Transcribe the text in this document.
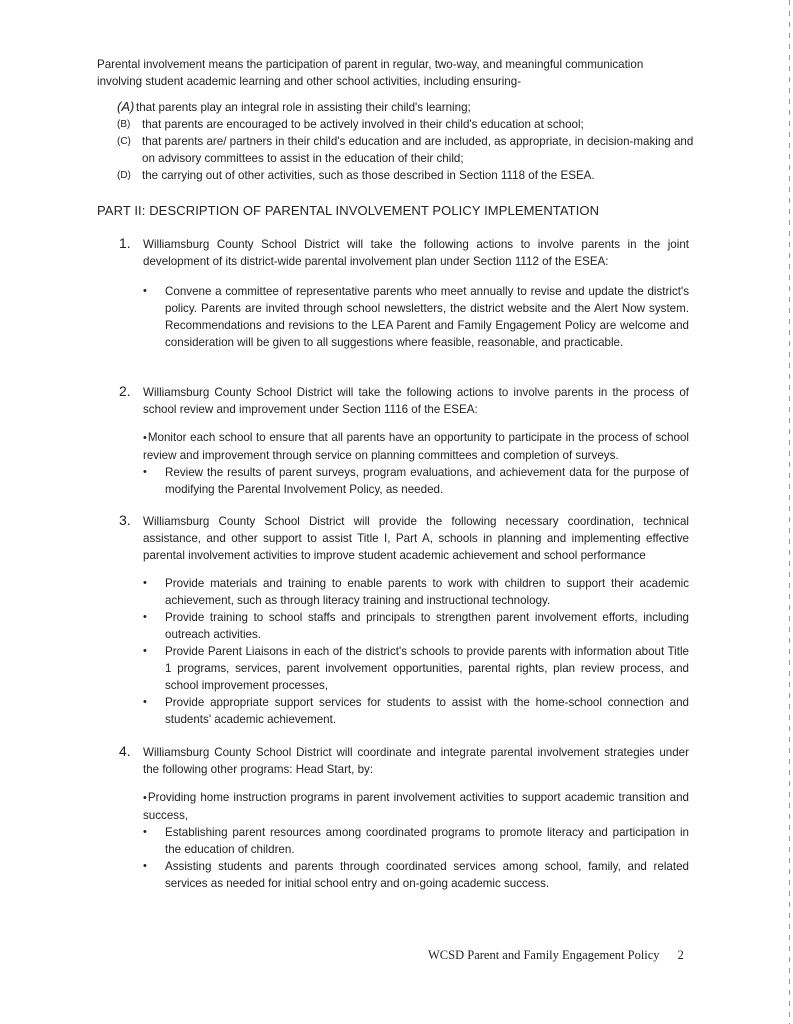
Parental involvement means the participation of parent in regular, two-way, and meaningful communication involving student academic learning and other school activities, including ensuring-

(A) that parents play an integral role in assisting their child's learning;
(B) that parents are encouraged to be actively involved in their child's education at school;
(C) that parents are/ partners in their child's education and are included, as appropriate, in decision-making and on advisory committees to assist in the education of their child;
(D) the carrying out of other activities, such as those described in Section 1118 of the ESEA.
PART II: DESCRIPTION OF PARENTAL INVOLVEMENT POLICY IMPLEMENTATION
1. Williamsburg County School District will take the following actions to involve parents in the joint development of its district-wide parental involvement plan under Section 1112 of the ESEA:

• Convene a committee of representative parents who meet annually to revise and update the district's policy. Parents are invited through school newsletters, the district website and the Alert Now system. Recommendations and revisions to the LEA Parent and Family Engagement Policy are welcome and consideration will be given to all suggestions where feasible, reasonable, and practicable.
2. Williamsburg County School District will take the following actions to involve parents in the process of school review and improvement under Section 1116 of the ESEA:

•Monitor each school to ensure that all parents have an opportunity to participate in the process of school review and improvement through service on planning committees and completion of surveys.
• Review the results of parent surveys, program evaluations, and achievement data for the purpose of modifying the Parental Involvement Policy, as needed.
3. Williamsburg County School District will provide the following necessary coordination, technical assistance, and other support to assist Title I, Part A, schools in planning and implementing effective parental involvement activities to improve student academic achievement and school performance

• Provide materials and training to enable parents to work with children to support their academic achievement, such as through literacy training and instructional technology.
• Provide training to school staffs and principals to strengthen parent involvement efforts, including outreach activities.
• Provide Parent Liaisons in each of the district's schools to provide parents with information about Title 1 programs, services, parent involvement opportunities, parental rights, plan review process, and school improvement processes,
• Provide appropriate support services for students to assist with the home-school connection and students' academic achievement.
4. Williamsburg County School District will coordinate and integrate parental involvement strategies under the following other programs: Head Start, by:

•Providing home instruction programs in parent involvement activities to support academic transition and success,
• Establishing parent resources among coordinated programs to promote literacy and participation in the education of children.
• Assisting students and parents through coordinated services among school, family, and related services as needed for initial school entry and on-going academic success.

WCSD Parent and Family Engagement Policy 2
